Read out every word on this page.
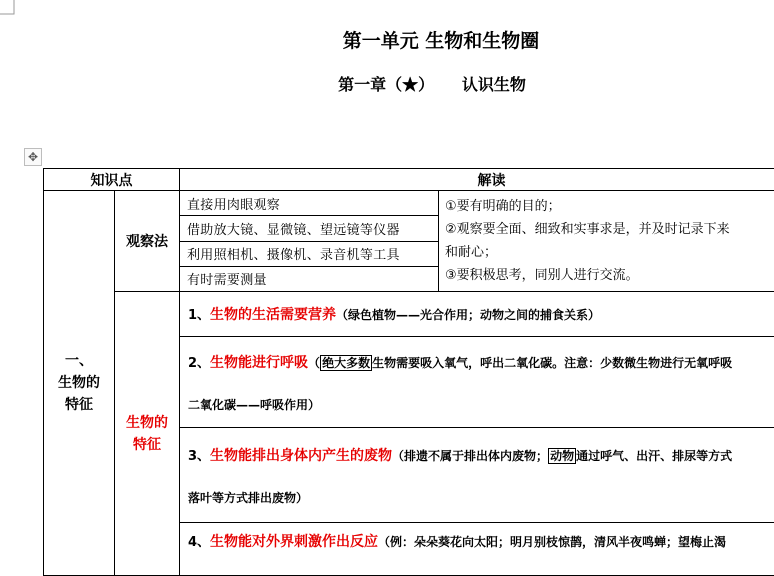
第一单元 生物和生物圈
第一章（★）     认识生物
✥
知识点		解读	
一、
生物的
特征	观察法	直接用肉眼观察	①要有明确的目的；
②观察要全面、细致和实事求是，并及时记录下来
和耐心；
③要积极思考，同别人进行交流。

		借助放大镜、显微镜、望远镜等仪器	
		利用照相机、摄像机、录音机等工具	
		有时需要测量	
	生物的
特征	1、生物的生活需要营养（绿色植物——光合作用；动物之间的捕食关系）	

		2、生物能进行呼吸（ 绝大多数 生物需要吸入氧气，呼出二氧化碳。注意：少数微生物进行无氧呼吸
二氧化碳——呼吸作用）	

		3、生物能排出身体内产生的废物（排遗不属于排出体内废物； 动物 通过呼气、出汗、排尿等方式
落叶等方式排出废物）	

		4、生物能对外界刺激作出反应（例：朵朵葵花向太阳；明月别枝惊鹊，清风半夜鸣蝉；望梅止渴	
